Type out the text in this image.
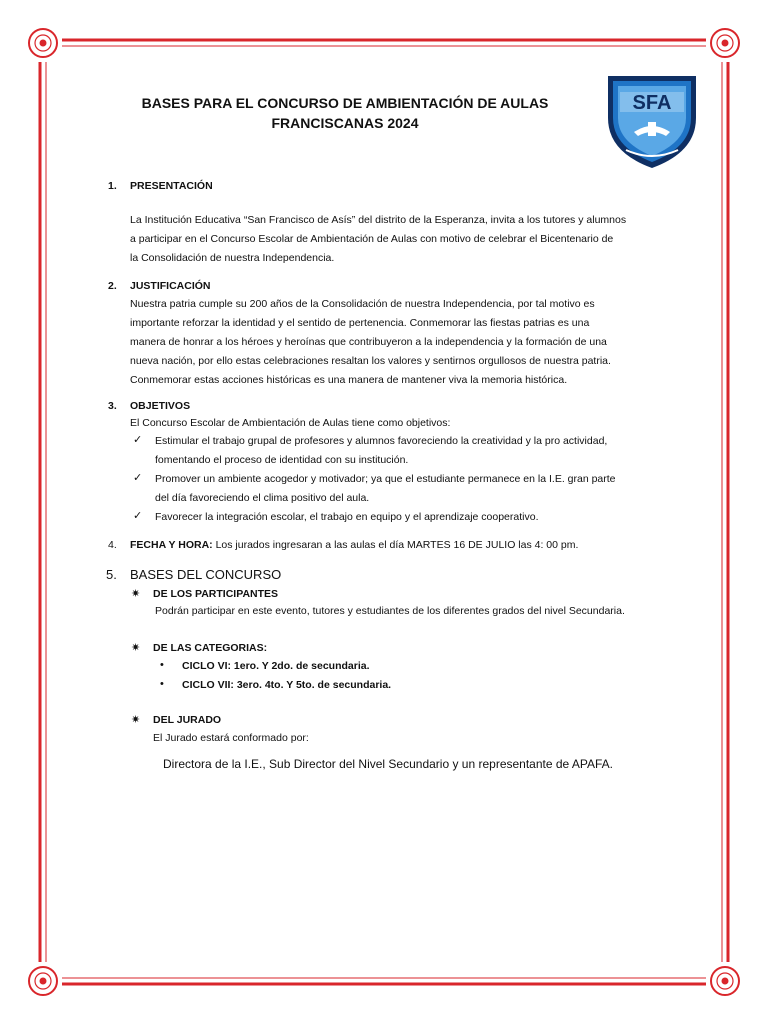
SFA
BASES PARA EL CONCURSO DE AMBIENTACIÓN DE AULAS
FRANCISCANAS 2024
1. PRESENTACIÓN
La Institución Educativa “San Francisco de Asís” del distrito de la Esperanza, invita a los tutores y alumnos
a participar en el Concurso Escolar de Ambientación de Aulas con motivo de celebrar el Bicentenario de
la Consolidación de nuestra Independencia.
2. JUSTIFICACIÓN
Nuestra patria cumple su 200 años de la Consolidación de nuestra Independencia, por tal motivo es
importante reforzar la identidad y el sentido de pertenencia. Conmemorar las fiestas patrias es una
manera de honrar a los héroes y heroínas que contribuyeron a la independencia y la formación de una
nueva nación, por ello estas celebraciones resaltan los valores y sentirnos orgullosos de nuestra patria.
Conmemorar estas acciones históricas es una manera de mantener viva la memoria histórica.
3. OBJETIVOS
El Concurso Escolar de Ambientación de Aulas tiene como objetivos:
✓ Estimular el trabajo grupal de profesores y alumnos favoreciendo la creatividad y la pro actividad,
fomentando el proceso de identidad con su institución.
✓ Promover un ambiente acogedor y motivador; ya que el estudiante permanece en la I.E. gran parte
del día favoreciendo el clima positivo del aula.
✓ Favorecer la integración escolar, el trabajo en equipo y el aprendizaje cooperativo.
4. FECHA Y HORA: Los jurados ingresaran a las aulas el día MARTES 16 DE JULIO las 4: 00 pm.
5. BASES DEL CONCURSO
✷ DE LOS PARTICIPANTES
Podrán participar en este evento, tutores y estudiantes de los diferentes grados del nivel Secundaria.
✷ DE LAS CATEGORIAS:
• CICLO VI: 1ero. Y 2do. de secundaria.
• CICLO VII: 3ero. 4to. Y 5to. de secundaria.
✷ DEL JURADO
El Jurado estará conformado por:
Directora de la I.E., Sub Director del Nivel Secundario y un representante de APAFA.
